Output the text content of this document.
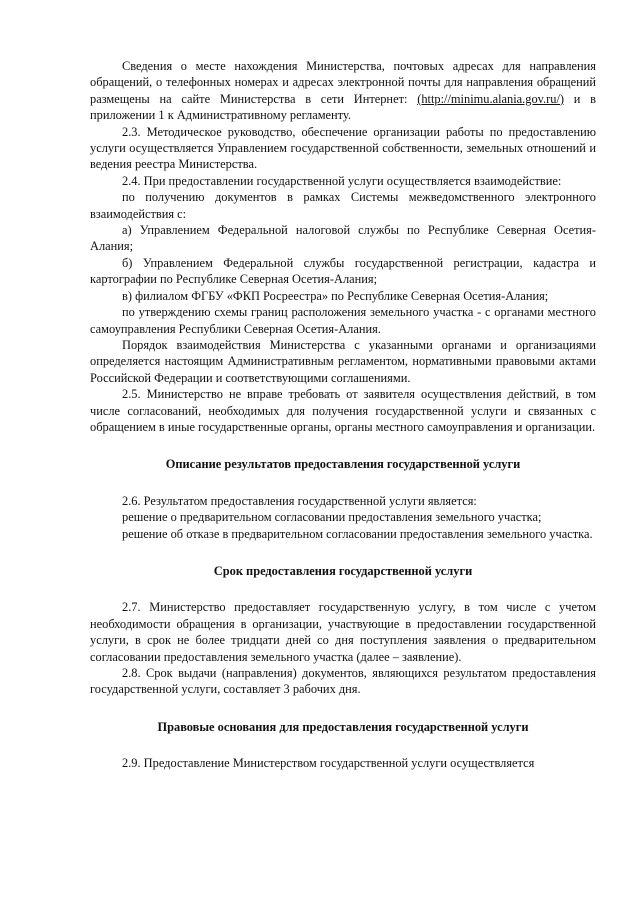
Сведения о месте нахождения Министерства, почтовых адресах для направления обращений, о телефонных номерах и адресах электронной почты для направления обращений размещены на сайте Министерства в сети Интернет: (http://minimu.alania.gov.ru/) и в приложении 1 к Административному регламенту.

2.3. Методическое руководство, обеспечение организации работы по предоставлению услуги осуществляется Управлением государственной собственности, земельных отношений и ведения реестра Министерства.

2.4. При предоставлении государственной услуги осуществляется взаимодействие:

по получению документов в рамках Системы межведомственного электронного взаимодействия с:

а) Управлением Федеральной налоговой службы по Республике Северная Осетия-Алания;

б) Управлением Федеральной службы государственной регистрации, кадастра и картографии по Республике Северная Осетия-Алания;

в) филиалом ФГБУ «ФКП Росреестра» по Республике Северная Осетия-Алания;

по утверждению схемы границ расположения земельного участка - с органами местного самоуправления Республики Северная Осетия-Алания.

Порядок взаимодействия Министерства с указанными органами и организациями определяется настоящим Административным регламентом, нормативными правовыми актами Российской Федерации и соответствующими соглашениями.

2.5. Министерство не вправе требовать от заявителя осуществления действий, в том числе согласований, необходимых для получения государственной услуги и связанных с обращением в иные государственные органы, органы местного самоуправления и организации.

Описание результатов предоставления государственной услуги

2.6. Результатом предоставления государственной услуги является:

решение о предварительном согласовании предоставления земельного участка;

решение об отказе в предварительном согласовании предоставления земельного участка.

Срок предоставления государственной услуги

2.7. Министерство предоставляет государственную услугу, в том числе с учетом необходимости обращения в организации, участвующие в предоставлении государственной услуги, в срок не более тридцати дней со дня поступления заявления о предварительном согласовании предоставления земельного участка (далее – заявление).

2.8. Срок выдачи (направления) документов, являющихся результатом предоставления государственной услуги, составляет 3 рабочих дня.

Правовые основания для предоставления государственной услуги

2.9. Предоставление Министерством государственной услуги осуществляется
